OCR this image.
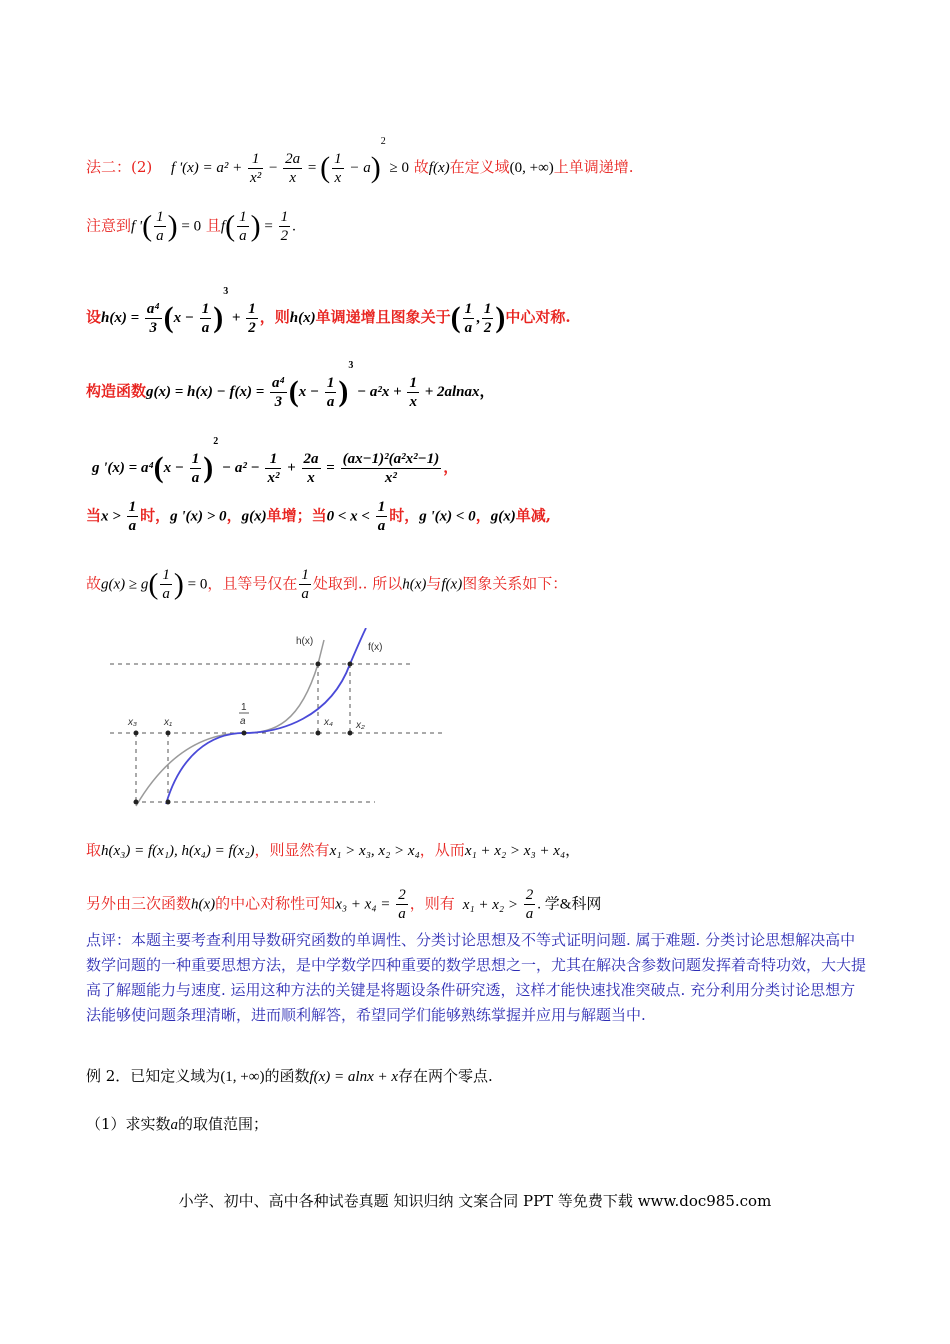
法二：(2) f '$(x) = a^2 + \frac{1}{\text{x²}} - \frac{2a}{x}$ = ( $\frac{1}{x} - a)^2 \ge 0$ 故f(x)在定义域(0, +∞)上单调递增.
注意到f '( $\frac{1}{a}$ ) = 0 且$f( \frac{1}{a}$ ) = $\frac{1}{2}$ .
设$h(x) = \frac{\text{a⁴}}{3} (x - \frac{1}{a} )^3 + \frac{1}{2}$ ，则h(x)单调递增且图象关于( $\frac{1}{a}$ , $\frac{1}{2}$ )中心对称.
构造函数$g(x) = h(x) - f(x) = \frac{\text{a⁴}}{3} (x - \frac{1}{a} )^3 - a^2x + \frac{1}{x}$ + 2alnax，
g '$(x) = a^4(x - \frac{1}{a} )^2 - a^2 - \frac{1}{\text{x²}} + \frac{2a}{x} = \frac{\text{(ax−1)²(a²x²−1)}}{\text{x²}}$ ，
当$x > \frac{1}{a}$ 时，g '(x) > 0，g(x)单增；当$0 < x < \frac{1}{a}$ 时，g '(x) < 0，g(x)单减,
故$g(x) \ge g( \frac{1}{a}$ ) = 0，且等号仅在 $\frac{1}{a}$ 处取到.. 所以h(x)与f(x)图象关系如下：
h(x)
f(x)
x₃	x₁	x₄ x₂
1
a
取h(x₃) = f(x₁), h(x₄) = f(x₂)，则显然有x₁ > x₃, x₂ > x₄，从而x₁ + x₂ > x₃ + x₄，
另外由三次函数h(x)的中心对称性可知$x_3 + x_4 = \frac{2}{a}$ ，则有 $x_1 + x_2 > \frac{2}{a}$ . 学&科网
点评：本题主要考查利用导数研究函数的单调性、分类讨论思想及不等式证明问题. 属于难题. 分类讨论思想解决高中数学问题的一种重要思想方法，是中学数学四种重要的数学思想之一，尤其在解决含参数问题发挥着奇特功效，大大提高了解题能力与速度. 运用这种方法的关键是将题设条件研究透，这样才能快速找准突破点. 充分利用分类讨论思想方法能够使问题条理清晰，进而顺利解答，希望同学们能够熟练掌握并应用与解题当中.
例 2．已知定义域为(1, +∞)的函数f(x) = alnx + x存在两个零点.
（1）求实数a的取值范围；
小学、初中、高中各种试卷真题 知识归纳 文案合同 PPT 等免费下载 www.doc985.com
